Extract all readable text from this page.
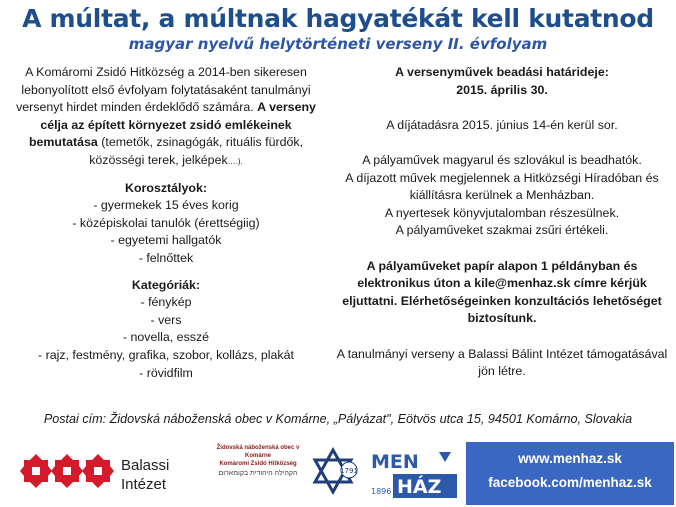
A múltat, a múltnak hagyatékát kell kutatnod
magyar nyelvű helytörténeti verseny II. évfolyam
A Komáromi Zsidó Hitközség a 2014-ben sikeresen lebonyolított első évfolyam folytatásaként tanulmányi versenyt hirdet minden érdeklődő számára. A verseny célja az épített környezet zsidó emlékeinek bemutatása (temetők, zsinagógák, rituális fürdők, közösségi terek, jelképek….).
Korosztályok:
- gyermekek 15 éves korig
- középiskolai tanulók (érettségiig)
- egyetemi hallgatók
- felnőttek
Kategóriák:
- fénykép
- vers
- novella, esszé
- rajz, festmény, grafika, szobor, kollázs, plakát
- rövidfilm
A versenyművek beadási határideje:
2015. április 30.
A díjátadásra 2015. június 14-én kerül sor.
A pályaművek magyarul és szlovákul is beadhatók.
A díjazott művek megjelennek a Hitközségi Híradóban és kiállításra kerülnek a Menházban.
A nyertesek könyvjutalomban részesülnek.
A pályaműveket szakmai zsűri értékeli.
A pályaműveket papír alapon 1 példányban és elektronikus úton a kile@menhaz.sk címre kérjük eljuttatni. Elérhetőségeinken konzultációs lehetőséget biztosítunk.
A tanulmányi verseny a Balassi Bálint Intézet támogatásával jön létre.
Postai cím: Židovská náboženská obec v Komárne, „Pályázat", Eötvös utca 15, 94501 Komárno, Slovakia
Balassi
Intézet
Židovská náboženská obec v Komárne
Komáromi Zsidó Hitközség
הקהילה היהודית בקומארום	1791 MEN
1896 HÁZ
www.menhaz.sk
facebook.com/menhaz.sk
